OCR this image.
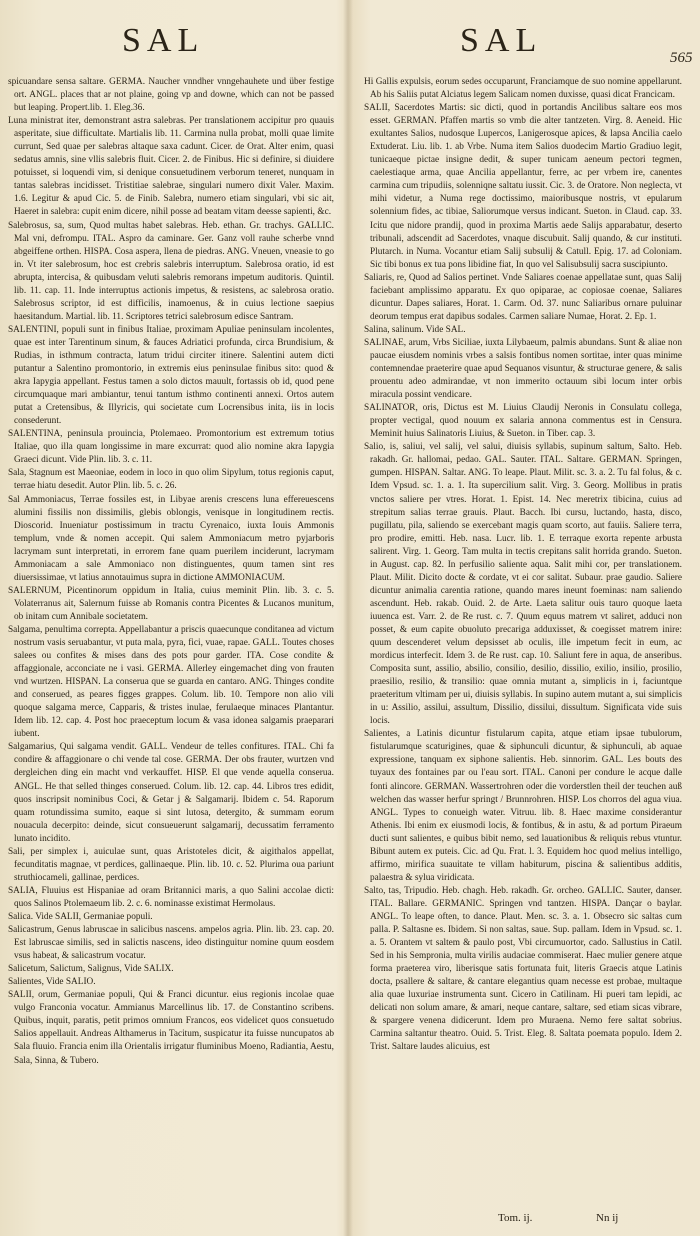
SAL	SAL	565

spicuandare sensa saltare. GERMA. Naucher vnndher vnngehauhete und über festige ort. ANGL. places that ar not plaine, going vp and downe, which can not be passed but leaping. Propert.lib. 1. Eleg.36.

Luna ministrat iter, demonstrant astra salebras. Per translationem accipitur pro quauis asperitate, siue difficultate. Martialis lib. 11. Carmina nulla probat, molli quae limite currunt, Sed quae per salebras altaque saxa cadunt. Cicer. de Orat. Alter enim, quasi sedatus amnis, sine vllis salebris fluit. Cicer. 2. de Finibus. Hic si definire, si diuidere potuisset, si loquendi vim, si denique consuetudinem verborum teneret, nunquam in tantas salebras incidisset. Tristitiae salebrae, singulari numero dixit Valer. Maxim. 1.6. Legitur & apud Cic. 5. de Finib. Salebra, numero etiam singulari, vbi sic ait, Haeret in salebra: cupit enim dicere, nihil posse ad beatam vitam deesse sapienti, &c.

Salebrosus, sa, sum, Quod multas habet salebras. Heb. ethan. Gr. trachys. GALLIC. Mal vni, defrompu. ITAL. Aspro da caminare. Ger. Ganz voll rauhe scherbe vnnd abgeiffene orthen. HISPA. Cosa aspera, llena de piedras. ANG. Vneuen, vneasie to go in. Vt iter salebrosum, hoc est crebris salebris interruptum. Salebrosa oratio, id est abrupta, intercisa, & quibusdam veluti salebris remorans impetum auditoris. Quintil. lib. 11. cap. 11. Inde interruptus actionis impetus, & resistens, ac salebrosa oratio. Salebrosus scriptor, id est difficilis, inamoenus, & in cuius lectione saepius haesitandum. Martial. lib. 11. Scriptores tetrici salebrosum edisce Santram.

SALENTINI, populi sunt in finibus Italiae, proximam Apuliae peninsulam incolentes, quae est inter Tarentinum sinum, & fauces Adriatici profunda, circa Brundisium, & Rudias, in isthmum contracta, latum tridui circiter itinere. Salentini autem dicti putantur a Salentino promontorio, in extremis eius peninsulae finibus sito: quod & akra Iapygia appellant. Festus tamen a solo dictos mauult, fortassis ob id, quod pene circumquaque mari ambiantur, tenui tantum isthmo continenti annexi. Ortos autem putat a Cretensibus, & Illyricis, qui societate cum Locrensibus inita, iis in locis consederunt.

SALENTINA, peninsula prouincia, Ptolemaeo. Promontorium est extremum totius Italiae, quo illa quam longissime in mare excurrat: quod alio nomine akra Iapygia Graeci dicunt. Vide Plin. lib. 3. c. 11.

Sala, Stagnum est Maeoniae, eodem in loco in quo olim Sipylum, totus regionis caput, terrae hiatu desedit. Autor Plin. lib. 5. c. 26.

Sal Ammoniacus, Terrae fossiles est, in Libyae arenis crescens luna effereuescens alumini fissilis non dissimilis, glebis oblongis, venisque in longitudinem rectis. Dioscorid. Inueniatur postissimum in tractu Cyrenaico, iuxta Iouis Ammonis templum, vnde & nomen accepit. Qui salem Ammoniacum metro pyjarboris lacrymam sunt interpretati, in errorem fane quam puerilem inciderunt, lacrymam Ammoniacam a sale Ammoniaco non distinguentes, quum tamen sint res diuersissimae, vt latius annotauimus supra in dictione AMMONIACUM.

SALERNUM, Picentinorum oppidum in Italia, cuius meminit Plin. lib. 3. c. 5. Volaterranus ait, Salernum fuisse ab Romanis contra Picentes & Lucanos munitum, ob initam cum Annibale societatem.

Salgama, penultima correpta. Appellabantur a priscis quaecunque conditanea ad victum nostrum vasis seruabantur, vt puta mala, pyra, fici, vuae, rapae. GALL. Toutes choses salees ou confites & mises dans des pots pour garder. ITA. Cose condite & affaggionale, acconciate ne i vasi. GERMA. Allerley eingemachet ding von frauten vnd wurtzen. HISPAN. La conserua que se guarda en cantaro. ANG. Thinges condite and conserued, as peares figges grappes. Colum. lib. 10. Tempore non alio vili quoque salgama merce, Capparis, & tristes inulae, ferulaeque minaces Plantantur. Idem lib. 12. cap. 4. Post hoc praeceptum locum & vasa idonea salgamis praeparari iubent.

Salgamarius, Qui salgama vendit. GALL. Vendeur de telles confitures. ITAL. Chi fa condire & affaggionare o chi vende tal cose. GERMA. Der obs frauter, wurtzen vnd dergleichen ding ein macht vnd verkauffet. HISP. El que vende aquella conserua. ANGL. He that selled thinges conserued. Colum. lib. 12. cap. 44. Libros tres edidit, quos inscripsit nominibus Coci, & Getar j & Salgamarij. Ibidem c. 54. Raporum quam rotundissima sumito, eaque si sint lutosa, detergito, & summam eorum nouacula decerpito: deinde, sicut consueuerunt salgamarij, decussatim ferramento lunato incidito.

Sali, per simplex i, auiculae sunt, quas Aristoteles dicit, & aigithalos appellat, fecunditatis magnae, vt perdices, gallinaeque. Plin. lib. 10. c. 52. Plurima oua pariunt struthiocameli, gallinae, perdices.

SALIA, Fluuius est Hispaniae ad oram Britannici maris, a quo Salini accolae dicti: quos Salinos Ptolemaeum lib. 2. c. 6. nominasse existimat Hermolaus.

Salica. Vide SALII, Germaniae populi.

Salicastrum, Genus labruscae in salicibus nascens. ampelos agria. Plin. lib. 23. cap. 20. Est labruscae similis, sed in salictis nascens, ideo distinguitur nomine quum eosdem vsus habeat, & salicastrum vocatur.

Salicetum, Salictum, Salignus, Vide SALIX.

Salientes, Vide SALIO.

SALII, orum, Germaniae populi, Qui & Franci dicuntur. eius regionis incolae quae vulgo Franconia vocatur. Ammianus Marcellinus lib. 17. de Constantino scribens. Quibus, inquit, paratis, petit primos omnium Francos, eos videlicet quos consuetudo Salios appellauit. Andreas Althamerus in Tacitum, suspicatur ita fuisse nuncupatos ab Sala fluuio. Francia enim illa Orientalis irrigatur fluminibus Moeno, Radiantia, Aestu, Sala, Sinna, & Tubero.

Hi Gallis expulsis, eorum sedes occuparunt, Franciamque de suo nomine appellarunt. Ab his Saliis putat Alciatus legem Salicam nomen duxisse, quasi dicat Francicam.

SALII, Sacerdotes Martis: sic dicti, quod in portandis Ancilibus saltare eos mos esset. GERMAN. Pfaffen martis so vmb die alter tantzeten. Virg. 8. Aeneid. Hic exultantes Salios, nudosque Lupercos, Lanigerosque apices, & lapsa Ancilia caelo Extuderat. Liu. lib. 1. ab Vrbe. Numa item Salios duodecim Martio Gradiuo legit, tunicaeque pictae insigne dedit, & super tunicam aeneum pectori tegmen, caelestiaque arma, quae Ancilia appellantur, ferre, ac per vrbem ire, canentes carmina cum tripudiis, solenniqne saltatu iussit. Cic. 3. de Oratore. Non neglecta, vt mihi videtur, a Numa rege doctissimo, maioribusque nostris, vt epularum solennium fides, ac tibiae, Saliorumque versus indicant. Sueton. in Claud. cap. 33. Icitu que nidore prandij, quod in proxima Martis aede Salijs apparabatur, deserto tribunali, adscendit ad Sacerdotes, vnaque discubuit. Salij quando, & cur instituti. Plutarch. in Numa. Vocantur etiam Salij subsulij & Catull. Epig. 17. ad Coloniam. Sic tibi bonus ex tua pons libidine fiat, In quo vel Salisubsulij sacra suscipiunto.

Saliaris, re, Quod ad Salios pertinet. Vnde Saliares coenae appellatae sunt, quas Salij faciebant amplissimo apparatu. Ex quo opiparae, ac copiosae coenae, Saliares dicuntur. Dapes saliares, Horat. 1. Carm. Od. 37. nunc Saliaribus ornare puluinar deorum tempus erat dapibus sodales. Carmen saliare Numae, Horat. 2. Ep. 1.

Salina, salinum. Vide SAL.

SALINAE, arum, Vrbs Siciliae, iuxta Lilybaeum, palmis abundans. Sunt & aliae non paucae eiusdem nominis vrbes a salsis fontibus nomen sortitae, inter quas minime contemnendae praeterire quae apud Sequanos visuntur, & structurae genere, & salis prouentu adeo admirandae, vt non immerito octauum sibi locum inter orbis miracula possint vendicare.

SALINATOR, oris, Dictus est M. Liuius Claudij Neronis in Consulatu collega, propter vectigal, quod nouum ex salaria annona commentus est in Censura. Meminit huius Salinatoris Liuius, & Sueton. in Tiber. cap. 3.

Salio, is, saliui, vel salij, vel salui, diuisis syllabis, supinum saltum, Salto. Heb. rakadh. Gr. hallomai, pedao. GAL. Sauter. ITAL. Saltare. GERMAN. Springen, gumpen. HISPAN. Saltar. ANG. To leape. Plaut. Milit. sc. 3. a. 2. Tu fal folus, & c. Idem Vpsud. sc. 1. a. 1. Ita supercilium salit. Virg. 3. Georg. Mollibus in pratis vnctos saliere per vtres. Horat. 1. Epist. 14. Nec meretrix tibicina, cuius ad strepitum salias terrae grauis. Plaut. Bacch. Ibi cursu, luctando, hasta, disco, pugillatu, pila, saliendo se exercebant magis quam scorto, aut fauiis. Saliere terra, pro prodire, emitti. Heb. nasa. Lucr. lib. 1. E terraque exorta repente arbusta salirent. Virg. 1. Georg. Tam multa in tectis crepitans salit horrida grando. Sueton. in August. cap. 82. In perfusilio saliente aqua. Salit mihi cor, per translationem. Plaut. Milit. Dicito docte & cordate, vt ei cor salitat. Subaur. prae gaudio. Saliere dicuntur animalia carentia ratione, quando mares ineunt foeminas: nam saliendo ascendunt. Heb. rakab. Ouid. 2. de Arte. Laeta salitur ouis tauro quoque laeta iuuenca est. Varr. 2. de Re rust. c. 7. Quum equus matrem vt saliret, adduci non posset, & eum capite obuoluto precariga adduxisset, & coegisset matrem inire: quum descenderet velum depsisset ab oculis, ille impetum fecit in eum, ac mordicus interfecit. Idem 3. de Re rust. cap. 10. Saliunt fere in aqua, de anseribus. Composita sunt, assilio, absilio, consilio, desilio, dissilio, exilio, insilio, prosilio, praesilio, resilio, & transilio: quae omnia mutant a, simplicis in i, faciuntque praeteritum vltimam per ui, diuisis syllabis. In supino autem mutant a, sui simplicis in u: Assilio, assilui, assultum, Dissilio, dissilui, dissultum. Significata vide suis locis.

Salientes, a Latinis dicuntur fistularum capita, atque etiam ipsae tubulorum, fistularumque scaturigines, quae & siphunculi dicuntur, & siphunculi, ab aquae expressione, tanquam ex siphone salientis. Heb. sinnorim. GAL. Les bouts des tuyaux des fontaines par ou l'eau sort. ITAL. Canoni per condure le acque dalle fonti alincore. GERMAN. Wassertrohren oder die vorderstlen theil der teuchen auß welchen das wasser herfur springt / Brunnrohren. HISP. Los chorros del agua viua. ANGL. Types to conueigh water. Vitruu. lib. 8. Haec maxime considerantur Athenis. Ibi enim ex eiusmodi locis, & fontibus, & in astu, & ad portum Piraeum ducti sunt salientes, e quibus bibit nemo, sed lauationibus & reliquis rebus vtuntur. Bibunt autem ex puteis. Cic. ad Qu. Frat. l. 3. Equidem hoc quod melius intelligo, affirmo, mirifica suauitate te villam habiturum, piscina & salientibus additis, palaestra & sylua viridicata.

Salto, tas, Tripudio. Heb. chagh. Heb. rakadh. Gr. orcheo. GALLIC. Sauter, danser. ITAL. Ballare. GERMANIC. Springen vnd tantzen. HISPA. Dançar o baylar. ANGL. To leape often, to dance. Plaut. Men. sc. 3. a. 1. Obsecro sic saltas cum palla. P. Saltasne es. Ibidem. Si non saltas, saue. Sup. pallam. Idem in Vpsud. sc. 1. a. 5. Orantem vt saltem & paulo post, Vbi circumuortor, cado. Sallustius in Catil. Sed in his Sempronia, multa virilis audaciae commiserat. Haec mulier genere atque forma praeterea viro, liberisque satis fortunata fuit, literis Graecis atque Latinis docta, psallere & saltare, & cantare elegantius quam necesse est probae, multaque alia quae luxuriae instrumenta sunt. Cicero in Catilinam. Hi pueri tam lepidi, ac delicati non solum amare, & amari, neque cantare, saltare, sed etiam sicas vibrare, & spargere venena didicerunt. Idem pro Muraena. Nemo fere saltat sobrius. Carmina saltantur theatro. Ouid. 5. Trist. Eleg. 8. Saltata poemata populo. Idem 2. Trist. Saltare laudes alicuius, est

Tom. ij.	Nn ij
